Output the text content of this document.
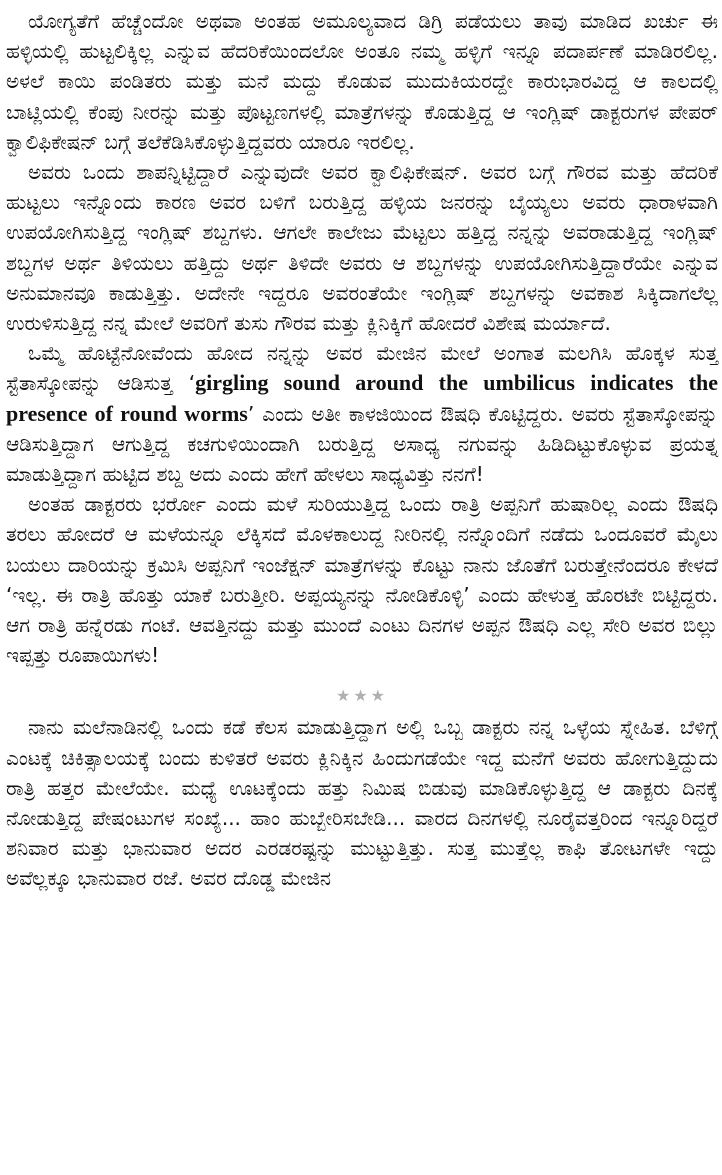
ಯೋಗ್ಯತೆಗೆ ಹೆಚ್ಚೆಂದೋ ಅಥವಾ ಅಂತಹ ಅಮೂಲ್ಯವಾದ ಡಿಗ್ರಿ ಪಡೆಯಲು ತಾವು ಮಾಡಿದ ಖರ್ಚು ಈ ಹಳ್ಳಿಯಲ್ಲಿ ಹುಟ್ಟಲಿಕ್ಕಿಲ್ಲ ಎನ್ನುವ ಹೆದರಿಕೆಯಿಂದಲೋ ಅಂತೂ ನಮ್ಮ ಹಳ್ಳಿಗೆ ಇನ್ನೂ ಪದಾರ್ಪಣೆ ಮಾಡಿರಲಿಲ್ಲ. ಅಳಲೆ ಕಾಯಿ ಪಂಡಿತರು ಮತ್ತು ಮನೆ ಮದ್ದು ಕೊಡುವ ಮುದುಕಿಯರದ್ದೇ ಕಾರುಭಾರವಿದ್ದ ಆ ಕಾಲದಲ್ಲಿ ಬಾಟ್ಲಿಯಲ್ಲಿ ಕೆಂಪು ನೀರನ್ನು ಮತ್ತು ಪೊಟ್ಟಣಗಳಲ್ಲಿ ಮಾತ್ರೆಗಳನ್ನು ಕೊಡುತ್ತಿದ್ದ ಆ ಇಂಗ್ಲಿಷ್ ಡಾಕ್ಟರುಗಳ ಪೇಪರ್ ಕ್ವಾಲಿಫಿಕೇಷನ್ ಬಗ್ಗೆ ತಲೆಕೆಡಿಸಿಕೊಳ್ಳುತ್ತಿದ್ದವರು ಯಾರೂ ಇರಲಿಲ್ಲ.

ಅವರು ಒಂದು ಶಾಪನ್ನಿಟ್ಟಿದ್ದಾರೆ ಎನ್ನುವುದೇ ಅವರ ಕ್ವಾಲಿಫಿಕೇಷನ್. ಅವರ ಬಗ್ಗೆ ಗೌರವ ಮತ್ತು ಹೆದರಿಕೆ ಹುಟ್ಟಲು ಇನ್ನೊಂದು ಕಾರಣ ಅವರ ಬಳಿಗೆ ಬರುತ್ತಿದ್ದ ಹಳ್ಳಿಯ ಜನರನ್ನು ಬೈಯ್ಯಲು ಅವರು ಧಾರಾಳವಾಗಿ ಉಪಯೋಗಿಸುತ್ತಿದ್ದ ಇಂಗ್ಲಿಷ್ ಶಬ್ದಗಳು. ಆಗಲೇ ಕಾಲೇಜು ಮೆಟ್ಟಲು ಹತ್ತಿದ್ದ ನನ್ನನ್ನು ಅವರಾಡುತ್ತಿದ್ದ ಇಂಗ್ಲಿಷ್ ಶಬ್ದಗಳ ಅರ್ಥ ತಿಳಿಯಲು ಹತ್ತಿದ್ದು ಅರ್ಥ ತಿಳಿದೇ ಅವರು ಆ ಶಬ್ದಗಳನ್ನು ಉಪಯೋಗಿಸುತ್ತಿದ್ದಾರೆಯೇ ಎನ್ನುವ ಅನುಮಾನವೂ ಕಾಡುತ್ತಿತ್ತು. ಅದೇನೇ ಇದ್ದರೂ ಅವರಂತೆಯೇ ಇಂಗ್ಲಿಷ್ ಶಬ್ದಗಳನ್ನು ಅವಕಾಶ ಸಿಕ್ಕಿದಾಗಲೆಲ್ಲ ಉರುಳಿಸುತ್ತಿದ್ದ ನನ್ನ ಮೇಲೆ ಅವರಿಗೆ ತುಸು ಗೌರವ ಮತ್ತು ಕ್ಲಿನಿಕ್ಕಿಗೆ ಹೋದರೆ ವಿಶೇಷ ಮರ್ಯಾದೆ.

ಒಮ್ಮೆ ಹೊಟ್ಟೆನೋವೆಂದು ಹೋದ ನನ್ನನ್ನು ಅವರ ಮೇಜಿನ ಮೇಲೆ ಅಂಗಾತ ಮಲಗಿಸಿ ಹೊಕ್ಕಳ ಸುತ್ತ ಸ್ಟೆತಾಸ್ಕೋಪನ್ನು ಆಡಿಸುತ್ತ ‘girgling sound around the umbilicus indicates the presence of round worms’ ಎಂದು ಅತೀ ಕಾಳಜಿಯಿಂದ ಔಷಧಿ ಕೊಟ್ಟಿದ್ದರು. ಅವರು ಸ್ಟೆತಾಸ್ಕೋಪನ್ನು ಆಡಿಸುತ್ತಿದ್ದಾಗ ಆಗುತ್ತಿದ್ದ ಕಚಗುಳಿಯಿಂದಾಗಿ ಬರುತ್ತಿದ್ದ ಅಸಾಧ್ಯ ನಗುವನ್ನು ಹಿಡಿದಿಟ್ಟುಕೊಳ್ಳುವ ಪ್ರಯತ್ನ ಮಾಡುತ್ತಿದ್ದಾಗ ಹುಟ್ಟಿದ ಶಬ್ದ ಅದು ಎಂದು ಹೇಗೆ ಹೇಳಲು ಸಾಧ್ಯವಿತ್ತು ನನಗೆ!

ಅಂತಹ ಡಾಕ್ಟರರು ಭರ್ರೋ ಎಂದು ಮಳೆ ಸುರಿಯುತ್ತಿದ್ದ ಒಂದು ರಾತ್ರಿ ಅಪ್ಪನಿಗೆ ಹುಷಾರಿಲ್ಲ ಎಂದು ಔಷಧಿ ತರಲು ಹೋದರೆ ಆ ಮಳೆಯನ್ನೂ ಲೆಕ್ಕಿಸದೆ ಮೊಳಕಾಲುದ್ದ ನೀರಿನಲ್ಲಿ ನನ್ನೊಂದಿಗೆ ನಡೆದು ಒಂದೂವರೆ ಮೈಲು ಬಯಲು ದಾರಿಯನ್ನು ಕ್ರಮಿಸಿ ಅಪ್ಪನಿಗೆ ಇಂಜೆಕ್ಷನ್ ಮಾತ್ರೆಗಳನ್ನು ಕೊಟ್ಟು ನಾನು ಜೊತೆಗೆ ಬರುತ್ತೇನೆಂದರೂ ಕೇಳದೆ ‘ಇಲ್ಲ. ಈ ರಾತ್ರಿ ಹೊತ್ತು ಯಾಕೆ ಬರುತ್ತೀರಿ. ಅಪ್ಪಯ್ಯನನ್ನು ನೋಡಿಕೊಳ್ಳಿ’ ಎಂದು ಹೇಳುತ್ತ ಹೊರಟೇ ಬಿಟ್ಟಿದ್ದರು. ಆಗ ರಾತ್ರಿ ಹನ್ನೆರಡು ಗಂಟೆ. ಆವತ್ತಿನದ್ದು ಮತ್ತು ಮುಂದೆ ಎಂಟು ದಿನಗಳ ಅಪ್ಪನ ಔಷಧಿ ಎಲ್ಲ ಸೇರಿ ಅವರ ಬಿಲ್ಲು ಇಪ್ಪತ್ತು ರೂಪಾಯಿಗಳು!

★★★

ನಾನು ಮಲೆನಾಡಿನಲ್ಲಿ ಒಂದು ಕಡೆ ಕೆಲಸ ಮಾಡುತ್ತಿದ್ದಾಗ ಅಲ್ಲಿ ಒಬ್ಬ ಡಾಕ್ಟರು ನನ್ನ ಒಳ್ಳೆಯ ಸ್ನೇಹಿತ. ಬೆಳಿಗ್ಗೆ ಎಂಟಕ್ಕೆ ಚಿಕಿತ್ಸಾಲಯಕ್ಕೆ ಬಂದು ಕುಳಿತರೆ ಅವರು ಕ್ಲಿನಿಕ್ಕಿನ ಹಿಂದುಗಡೆಯೇ ಇದ್ದ ಮನೆಗೆ ಅವರು ಹೋಗುತ್ತಿದ್ದುದು ರಾತ್ರಿ ಹತ್ತರ ಮೇಲೆಯೇ. ಮಧ್ಯೆ ಊಟಕ್ಕೆಂದು ಹತ್ತು ನಿಮಿಷ ಬಿಡುವು ಮಾಡಿಕೊಳ್ಳುತ್ತಿದ್ದ ಆ ಡಾಕ್ಟರು ದಿನಕ್ಕೆ ನೋಡುತ್ತಿದ್ದ ಪೇಷಂಟುಗಳ ಸಂಖ್ಯೆ... ಹಾಂ ಹುಬ್ಬೇರಿಸಬೇಡಿ... ವಾರದ ದಿನಗಳಲ್ಲಿ ನೂರೈವತ್ತರಿಂದ ಇನ್ನೂರಿದ್ದರೆ ಶನಿವಾರ ಮತ್ತು ಭಾನುವಾರ ಅದರ ಎರಡರಷ್ಟನ್ನು ಮುಟ್ಟುತ್ತಿತ್ತು. ಸುತ್ತ ಮುತ್ತೆಲ್ಲ ಕಾಫಿ ತೋಟಗಳೇ ಇದ್ದು ಅವೆಲ್ಲಕ್ಕೂ ಭಾನುವಾರ ರಜೆ. ಅವರ ದೊಡ್ಡ ಮೇಜಿನ
